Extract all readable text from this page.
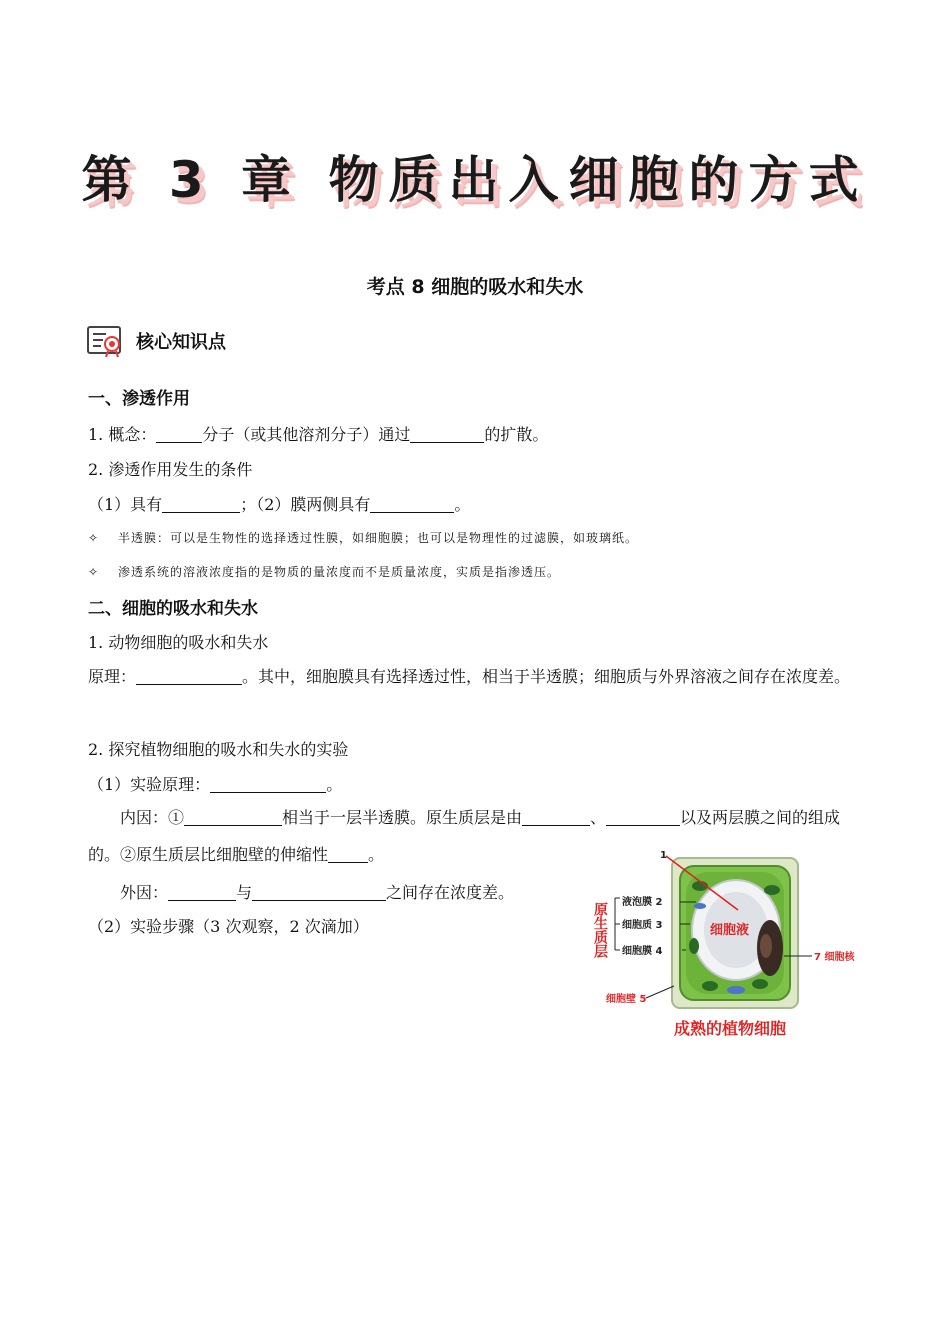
第 3 章 物质出入细胞的方式
考点 8 细胞的吸水和失水
核心知识点
一、渗透作用
1. 概念：	分子（或其他溶剂分子）通过	的扩散。
2. 渗透作用发生的条件
（1）具有	；（2）膜两侧具有	。
✧ 半透膜：可以是生物性的选择透过性膜，如细胞膜；也可以是物理性的过滤膜，如玻璃纸。
✧ 渗透系统的溶液浓度指的是物质的量浓度而不是质量浓度，实质是指渗透压。
二、细胞的吸水和失水
1. 动物细胞的吸水和失水
原理：	。其中，细胞膜具有选择透过性，相当于半透膜；细胞质与外界溶液之间存在浓度差。
2. 探究植物细胞的吸水和失水的实验
（1）实验原理：	。
内因：①	相当于一层半透膜。原生质层是由	、	以及两层膜之间的组成的。②原生质层比细胞壁的伸缩性	。
外因：	与	之间存在浓度差。
（2）实验步骤（3 次观察，2 次滴加）	原生质层
1
液泡膜 2
细胞质 3
细胞膜 4
细胞壁 5
7 细胞核
细胞液
成熟的植物细胞
